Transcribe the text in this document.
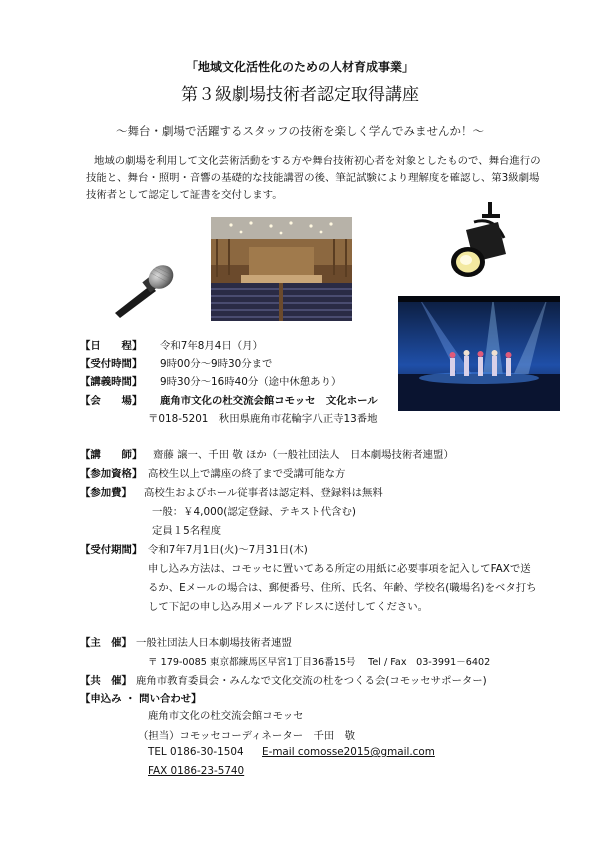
「地域文化活性化のための人材育成事業」
第３級劇場技術者認定取得講座
〜舞台・劇場で活躍するスタッフの技術を楽しく学んでみませんか！〜
地域の劇場を利用して文化芸術活動をする方や舞台技術初心者を対象としたもので、舞台進行の技能と、舞台・照明・音響の基礎的な技能講習の後、筆記試験により理解度を確認し、第3級劇場技術者として認定して証書を交付します。
【日　　程】 令和7年8月4日（月）
【受付時間】 9時00分〜9時30分まで
【講義時間】 9時30分〜16時40分（途中休憩あり）
【会　　場】 鹿角市文化の杜交流会館コモッセ　文化ホール
〒018-5201　秋田県鹿角市花輪字八正寺13番地
【講　　師】 齋藤 譲一、千田 敬 ほか（一般社団法人　日本劇場技術者連盟）
【参加資格】 高校生以上で講座の終了まで受講可能な方
【参加費】 高校生およびホール従事者は認定料、登録料は無料
一般：￥4,000(認定登録、テキスト代含む)
定員１5名程度
【受付期間】 令和7年7月1日(火)〜7月31日(木)
申し込み方法は、コモッセに置いてある所定の用紙に必要事項を記入してFAXで送
るか、Eメールの場合は、郵便番号、住所、氏名、年齢、学校名(職場名)をベタ打ち
して下記の申し込み用メールアドレスに送付してください。
【主　催】 一般社団法人日本劇場技術者連盟
〒 179-0085 東京都練馬区早宮1丁目36番15号　 Tel / Fax　03-3991－6402
【共　催】 鹿角市教育委員会・みんなで文化交流の杜をつくる会(コモッセサポーター)
【申込み ・ 問い合わせ】
鹿角市文化の杜交流会館コモッセ
（担当）コモッセコーディネーター　千田　敬
TEL 0186-30-1504 E-mail comosse2015@gmail.com
FAX 0186-23-5740
